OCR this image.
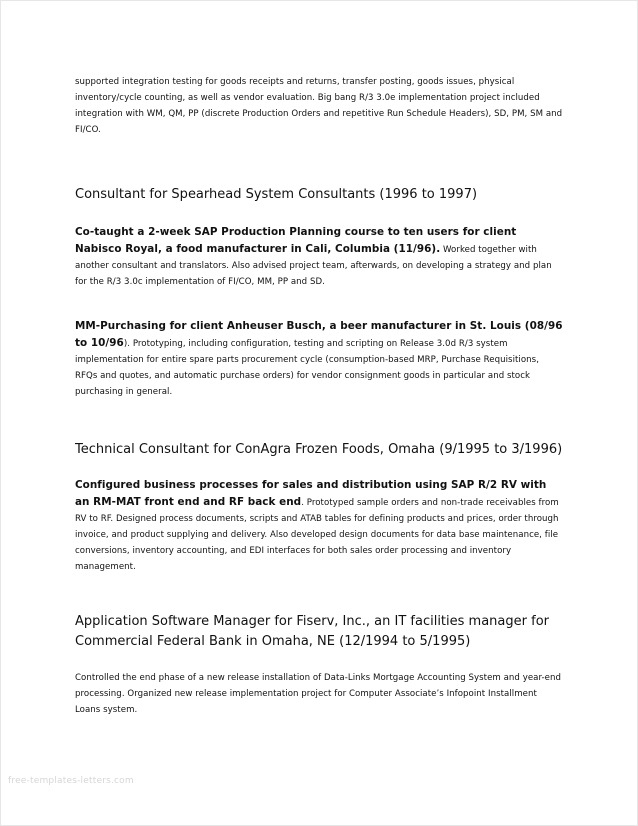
supported integration testing for goods receipts and returns, transfer posting, goods issues, physical inventory/cycle counting, as well as vendor evaluation. Big bang R/3 3.0e implementation project included integration with WM, QM, PP (discrete Production Orders and repetitive Run Schedule Headers), SD, PM, SM and FI/CO.
Consultant for Spearhead System Consultants (1996 to 1997)
Co-taught a 2-week SAP Production Planning course to ten users for client Nabisco Royal, a food manufacturer in Cali, Columbia (11/96). Worked together with another consultant and translators. Also advised project team, afterwards, on developing a strategy and plan for the R/3 3.0c implementation of FI/CO, MM, PP and SD.
MM-Purchasing for client Anheuser Busch, a beer manufacturer in St. Louis (08/96 to 10/96). Prototyping, including configuration, testing and scripting on Release 3.0d R/3 system implementation for entire spare parts procurement cycle (consumption-based MRP, Purchase Requisitions, RFQs and quotes, and automatic purchase orders) for vendor consignment goods in particular and stock purchasing in general.
Technical Consultant for ConAgra Frozen Foods, Omaha (9/1995 to 3/1996)
Configured business processes for sales and distribution using SAP R/2 RV with an RM-MAT front end and RF back end. Prototyped sample orders and non-trade receivables from RV to RF. Designed process documents, scripts and ATAB tables for defining products and prices, order through invoice, and product supplying and delivery. Also developed design documents for data base maintenance, file conversions, inventory accounting, and EDI interfaces for both sales order processing and inventory management.
Application Software Manager for Fiserv, Inc., an IT facilities manager for Commercial Federal Bank in Omaha, NE (12/1994 to 5/1995)
Controlled the end phase of a new release installation of Data-Links Mortgage Accounting System and year-end processing. Organized new release implementation project for Computer Associate’s Infopoint Installment Loans system.
free-templates-letters.com
